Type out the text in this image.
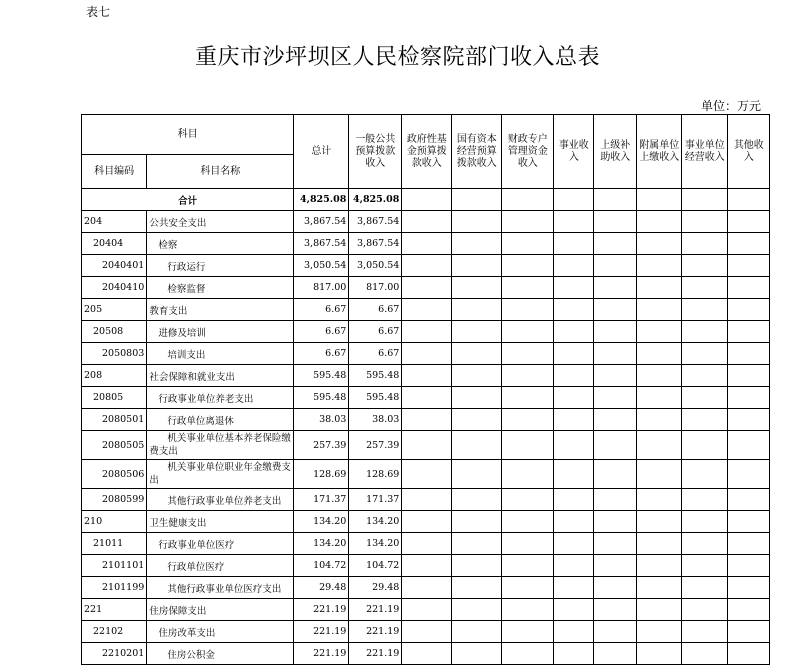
表七
重庆市沙坪坝区人民检察院部门收入总表
单位：万元
科目		总计	一般公共预算拨款收入	政府性基金预算拨款收入	国有资本经营预算拨款收入	财政专户管理资金收入	事业收入	上级补助收入	附属单位上缴收入	事业单位经营收入	其他收入
科目编码	科目名称										
合计		4,825.08	4,825.08								
204	公共安全支出	3,867.54	3,867.54								
20404	检察	3,867.54	3,867.54								
2040401	行政运行	3,050.54	3,050.54								
2040410	检察监督	817.00	817.00								
205	教育支出	6.67	6.67								
20508	进修及培训	6.67	6.67								
2050803	培训支出	6.67	6.67								
208	社会保障和就业支出	595.48	595.48								
20805	行政事业单位养老支出	595.48	595.48								
2080501	行政单位离退休	38.03	38.03								
2080505	机关事业单位基本养老保险缴费支出	257.39	257.39								
2080506	机关事业单位职业年金缴费支出	128.69	128.69								
2080599	其他行政事业单位养老支出	171.37	171.37								
210	卫生健康支出	134.20	134.20								
21011	行政事业单位医疗	134.20	134.20								
2101101	行政单位医疗	104.72	104.72								
2101199	其他行政事业单位医疗支出	29.48	29.48								
221	住房保障支出	221.19	221.19								
22102	住房改革支出	221.19	221.19								
2210201	住房公积金	221.19	221.19								
